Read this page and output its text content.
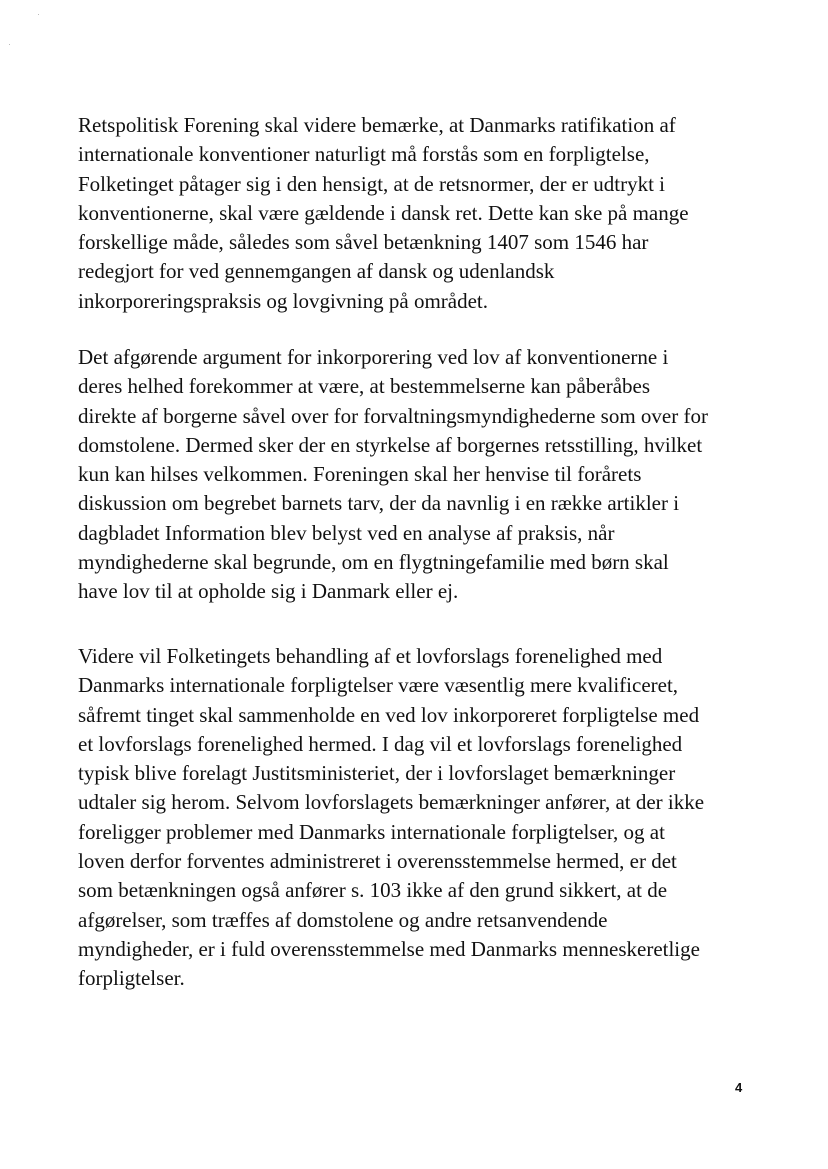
Retspolitisk Forening skal videre bemærke, at Danmarks ratifikation af
internationale konventioner naturligt må forstås som en forpligtelse,
Folketinget påtager sig i den hensigt, at de retsnormer, der er udtrykt i
konventionerne, skal være gældende i dansk ret. Dette kan ske på mange
forskellige måde, således som såvel betænkning 1407 som 1546 har
redegjort for ved gennemgangen af dansk og udenlandsk
inkorporeringspraksis og lovgivning på området.
Det afgørende argument for inkorporering ved lov af konventionerne i
deres helhed forekommer at være, at bestemmelserne kan påberåbes
direkte af borgerne såvel over for forvaltningsmyndighederne som over for
domstolene. Dermed sker der en styrkelse af borgernes retsstilling, hvilket
kun kan hilses velkommen. Foreningen skal her henvise til forårets
diskussion om begrebet barnets tarv, der da navnlig i en række artikler i
dagbladet Information blev belyst ved en analyse af praksis, når
myndighederne skal begrunde, om en flygtningefamilie med børn skal
have lov til at opholde sig i Danmark eller ej.
Videre vil Folketingets behandling af et lovforslags forenelighed med
Danmarks internationale forpligtelser være væsentlig mere kvalificeret,
såfremt tinget skal sammenholde en ved lov inkorporeret forpligtelse med
et lovforslags forenelighed hermed. I dag vil et lovforslags forenelighed
typisk blive forelagt Justitsministeriet, der i lovforslaget bemærkninger
udtaler sig herom. Selvom lovforslagets bemærkninger anfører, at der ikke
foreligger problemer med Danmarks internationale forpligtelser, og at
loven derfor forventes administreret i overensstemmelse hermed, er det
som betænkningen også anfører s. 103 ikke af den grund sikkert, at de
afgørelser, som træffes af domstolene og andre retsanvendende
myndigheder, er i fuld overensstemmelse med Danmarks menneskeretlige
forpligtelser.
4
